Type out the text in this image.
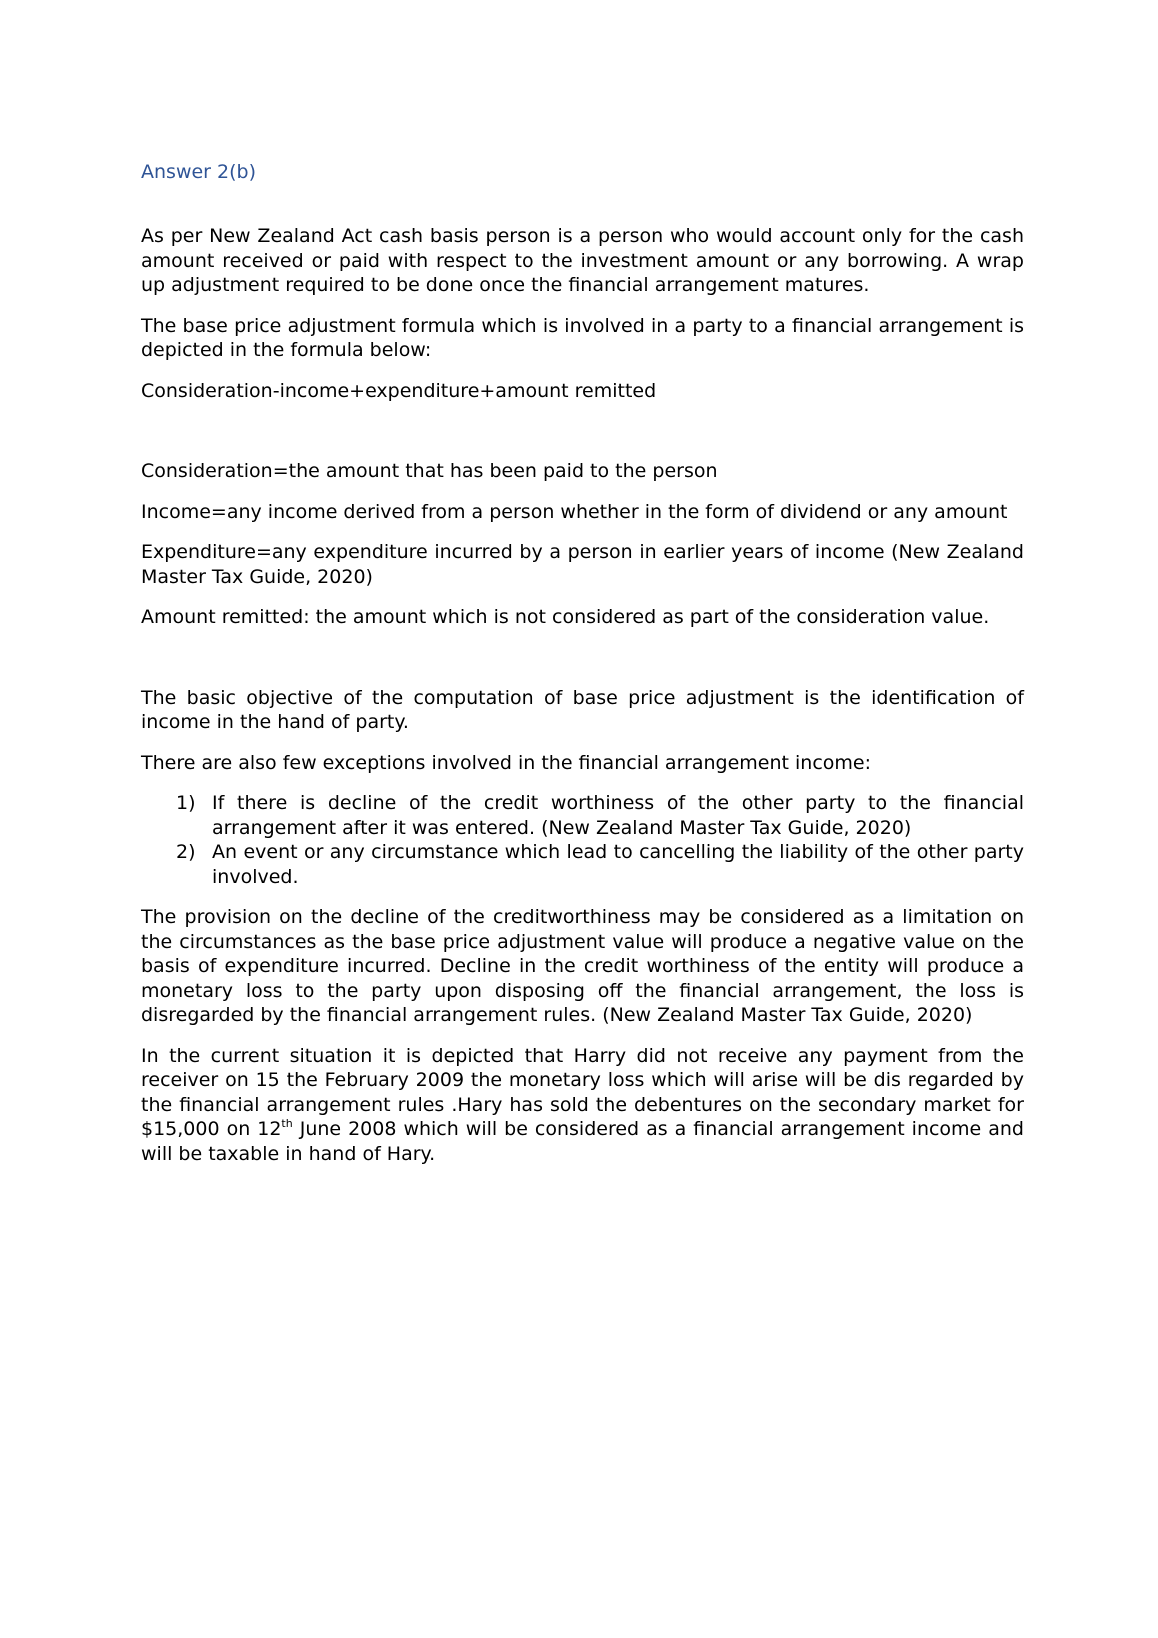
Answer 2(b)

As per New Zealand Act cash basis person is a person who would account only for the cash amount received or paid with respect to the investment amount or any borrowing. A wrap up adjustment required to be done once the financial arrangement matures.

The base price adjustment formula which is involved in a party to a financial arrangement is depicted in the formula below:

Consideration-income+expenditure+amount remitted

Consideration=the amount that has been paid to the person

Income=any income derived from a person whether in the form of dividend or any amount

Expenditure=any expenditure incurred by a person in earlier years of income (New Zealand Master Tax Guide, 2020)

Amount remitted: the amount which is not considered as part of the consideration value.

The basic objective of the computation of base price adjustment is the identification of income in the hand of party.

There are also few exceptions involved in the financial arrangement income:

1) If there is decline of the credit worthiness of the other party to the financial arrangement after it was entered. (New Zealand Master Tax Guide, 2020)
2) An event or any circumstance which lead to cancelling the liability of the other party involved.

The provision on the decline of the creditworthiness may be considered as a limitation on the circumstances as the base price adjustment value will produce a negative value on the basis of expenditure incurred. Decline in the credit worthiness of the entity will produce a monetary loss to the party upon disposing off the financial arrangement, the loss is disregarded by the financial arrangement rules. (New Zealand Master Tax Guide, 2020)

In the current situation it is depicted that Harry did not receive any payment from the receiver on 15 the February 2009 the monetary loss which will arise will be dis regarded by the financial arrangement rules .Hary has sold the debentures on the secondary market for $15,000 on 12th June 2008 which will be considered as a financial arrangement income and will be taxable in hand of Hary.
